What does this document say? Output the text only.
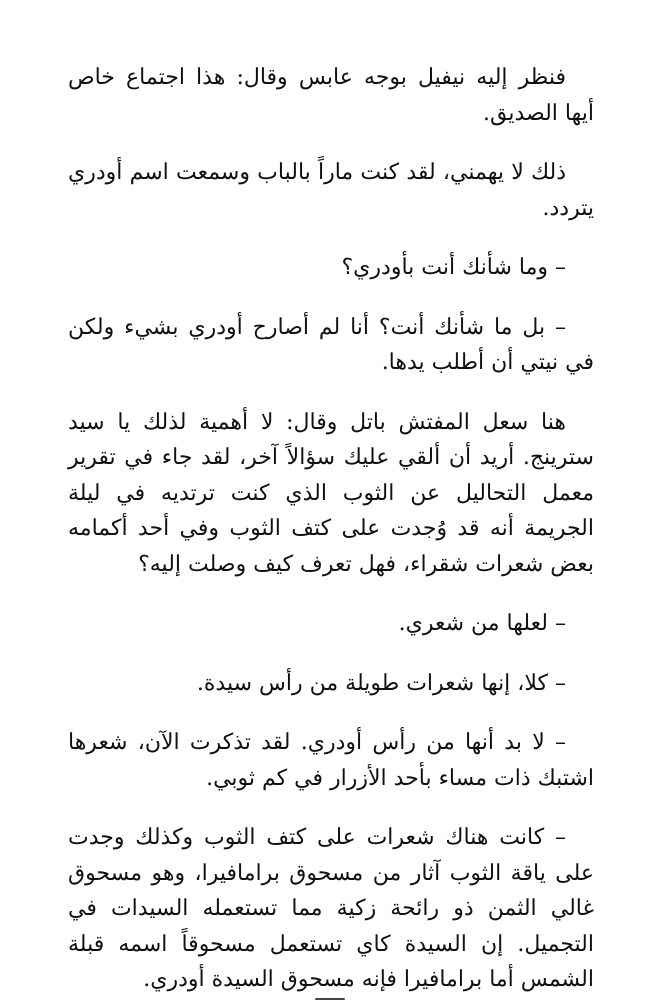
فنظر إليه نيفيل بوجه عابس وقال: هذا اجتماع خاص أيها الصديق.

ذلك لا يهمني، لقد كنت ماراً بالباب وسمعت اسم أودري يتردد.

– وما شأنك أنت بأودري؟

– بل ما شأنك أنت؟ أنا لم أصارح أودري بشيء ولكن في نيتي أن أطلب يدها.

هنا سعل المفتش باتل وقال: لا أهمية لذلك يا سيد سترينج. أريد أن ألقي عليك سؤالاً آخر، لقد جاء في تقرير معمل التحاليل عن الثوب الذي كنت ترتديه في ليلة الجريمة أنه قد وُجدت على كتف الثوب وفي أحد أكمامه بعض شعرات شقراء، فهل تعرف كيف وصلت إليه؟

– لعلها من شعري.

– كلا، إنها شعرات طويلة من رأس سيدة.

– لا بد أنها من رأس أودري. لقد تذكرت الآن، شعرها اشتبك ذات مساء بأحد الأزرار في كم ثوبي.

– كانت هناك شعرات على كتف الثوب وكذلك وجدت على ياقة الثوب آثار من مسحوق برامافيرا، وهو مسحوق غالي الثمن ذو رائحة زكية مما تستعمله السيدات في التجميل. إن السيدة كاي تستعمل مسحوقاً اسمه قبلة الشمس أما برامافيرا فإنه مسحوق السيدة أودري.
